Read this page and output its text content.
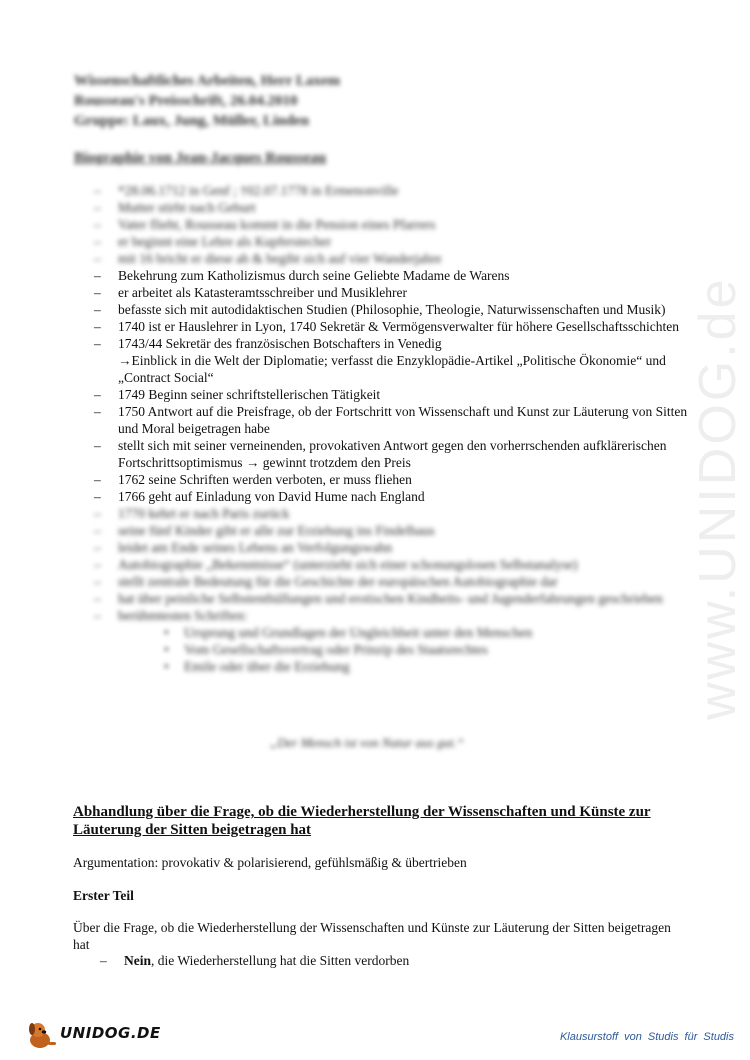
www.UNIDOG.de
Wissenschaftliches Arbeiten, Herr Laxem
Rousseau's Preisschrift, 26.04.2010
Gruppe: Laux, Jung, Müller, Linden
Biographie von Jean-Jacques Rousseau
– *28.06.1712 in Genf ; †02.07.1778 in Ermenonville
– Mutter stirbt nach Geburt
– Vater flieht, Rousseau kommt in die Pension eines Pfarrers
– er beginnt eine Lehre als Kupferstecher
– mit 16 bricht er diese ab & begibt sich auf vier Wanderjahre
– Bekehrung zum Katholizismus durch seine Geliebte Madame de Warens
– er arbeitet als Katasteramtsschreiber und Musiklehrer
– befasste sich mit autodidaktischen Studien (Philosophie, Theologie, Naturwissenschaften und Musik)
– 1740 ist er Hauslehrer in Lyon, 1740 Sekretär & Vermögensverwalter für höhere Gesellschaftsschichten
– 1743/44 Sekretär des französischen Botschafters in Venedig
→Einblick in die Welt der Diplomatie; verfasst die Enzyklopädie-Artikel „Politische Ökonomie“ und „Contract Social“
– 1749 Beginn seiner schriftstellerischen Tätigkeit
– 1750 Antwort auf die Preisfrage, ob der Fortschritt von Wissenschaft und Kunst zur Läuterung von Sitten und Moral beigetragen habe
– stellt sich mit seiner verneinenden, provokativen Antwort gegen den vorherrschenden aufklärerischen Fortschrittsoptimismus → gewinnt trotzdem den Preis
– 1762 seine Schriften werden verboten, er muss fliehen
– 1766 geht auf Einladung von David Hume nach England
– 1770 kehrt er nach Paris zurück
– seine fünf Kinder gibt er alle zur Erziehung ins Findelhaus
– leidet am Ende seines Lebens an Verfolgungswahn
– Autobiographie „Bekenntnisse“ (unterzieht sich einer schonungslosen Selbstanalyse)
– stellt zentrale Bedeutung für die Geschichte der europäischen Autobiographie dar
– hat über peinliche Selbstenthüllungen und erotischen Kindheits- und Jugenderfahrungen geschrieben
– berühmtesten Schriften:
• Ursprung und Grundlagen der Ungleichheit unter den Menschen
• Vom Gesellschaftsvertrag oder Prinzip des Staatsrechtes
• Emile oder über die Erziehung
„Der Mensch ist von Natur aus gut.“
Abhandlung über die Frage, ob die Wiederherstellung der Wissenschaften und Künste zur Läuterung der Sitten beigetragen hat
Argumentation: provokativ & polarisierend, gefühlsmäßig & übertrieben
Erster Teil
Über die Frage, ob die Wiederherstellung der Wissenschaften und Künste zur Läuterung der Sitten beigetragen hat
– Nein, die Wiederherstellung hat die Sitten verdorben
UNIDOG.DE	Klausurstoff von Studis für Studis
